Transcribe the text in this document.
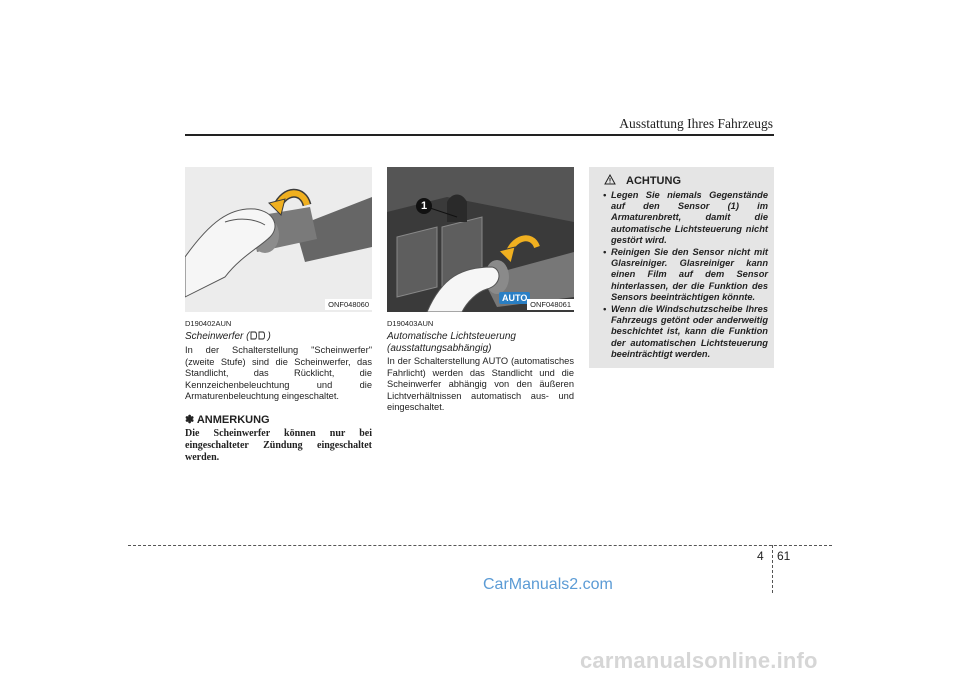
Ausstattung Ihres Fahrzeugs
ONF048060
1
AUTO
ONF048061
D190402AUN
Scheinwerfer ( )
In der Schalterstellung "Scheinwerfer" (zweite Stufe) sind die Scheinwerfer, das Standlicht, das Rücklicht, die Kennzeichenbeleuchtung und die Armaturenbeleuchtung eingeschaltet.
✽ ANMERKUNG
Die Scheinwerfer können nur bei eingeschalteter Zündung eingeschaltet werden.
D190403AUN
Automatische Lichtsteuerung
(ausstattungsabhängig)
In der Schalterstellung AUTO (automatisches Fahrlicht) werden das Standlicht und die Scheinwerfer abhängig von den äußeren Lichtverhältnissen automatisch aus- und eingeschaltet.
ACHTUNG
• Legen Sie niemals Gegenstände auf den Sensor (1) im Armaturenbrett, damit die automatische Lichtsteuerung nicht gestört wird.
• Reinigen Sie den Sensor nicht mit Glasreiniger. Glasreiniger kann einen Film auf dem Sensor hinterlassen, der die Funktion des Sensors beeinträchtigen könnte.
• Wenn die Windschutzscheibe Ihres Fahrzeugs getönt oder anderweitig beschichtet ist, kann die Funktion der automatischen Lichtsteuerung beeinträchtigt werden.
4 61
CarManuals2.com
carmanualsonline.info
